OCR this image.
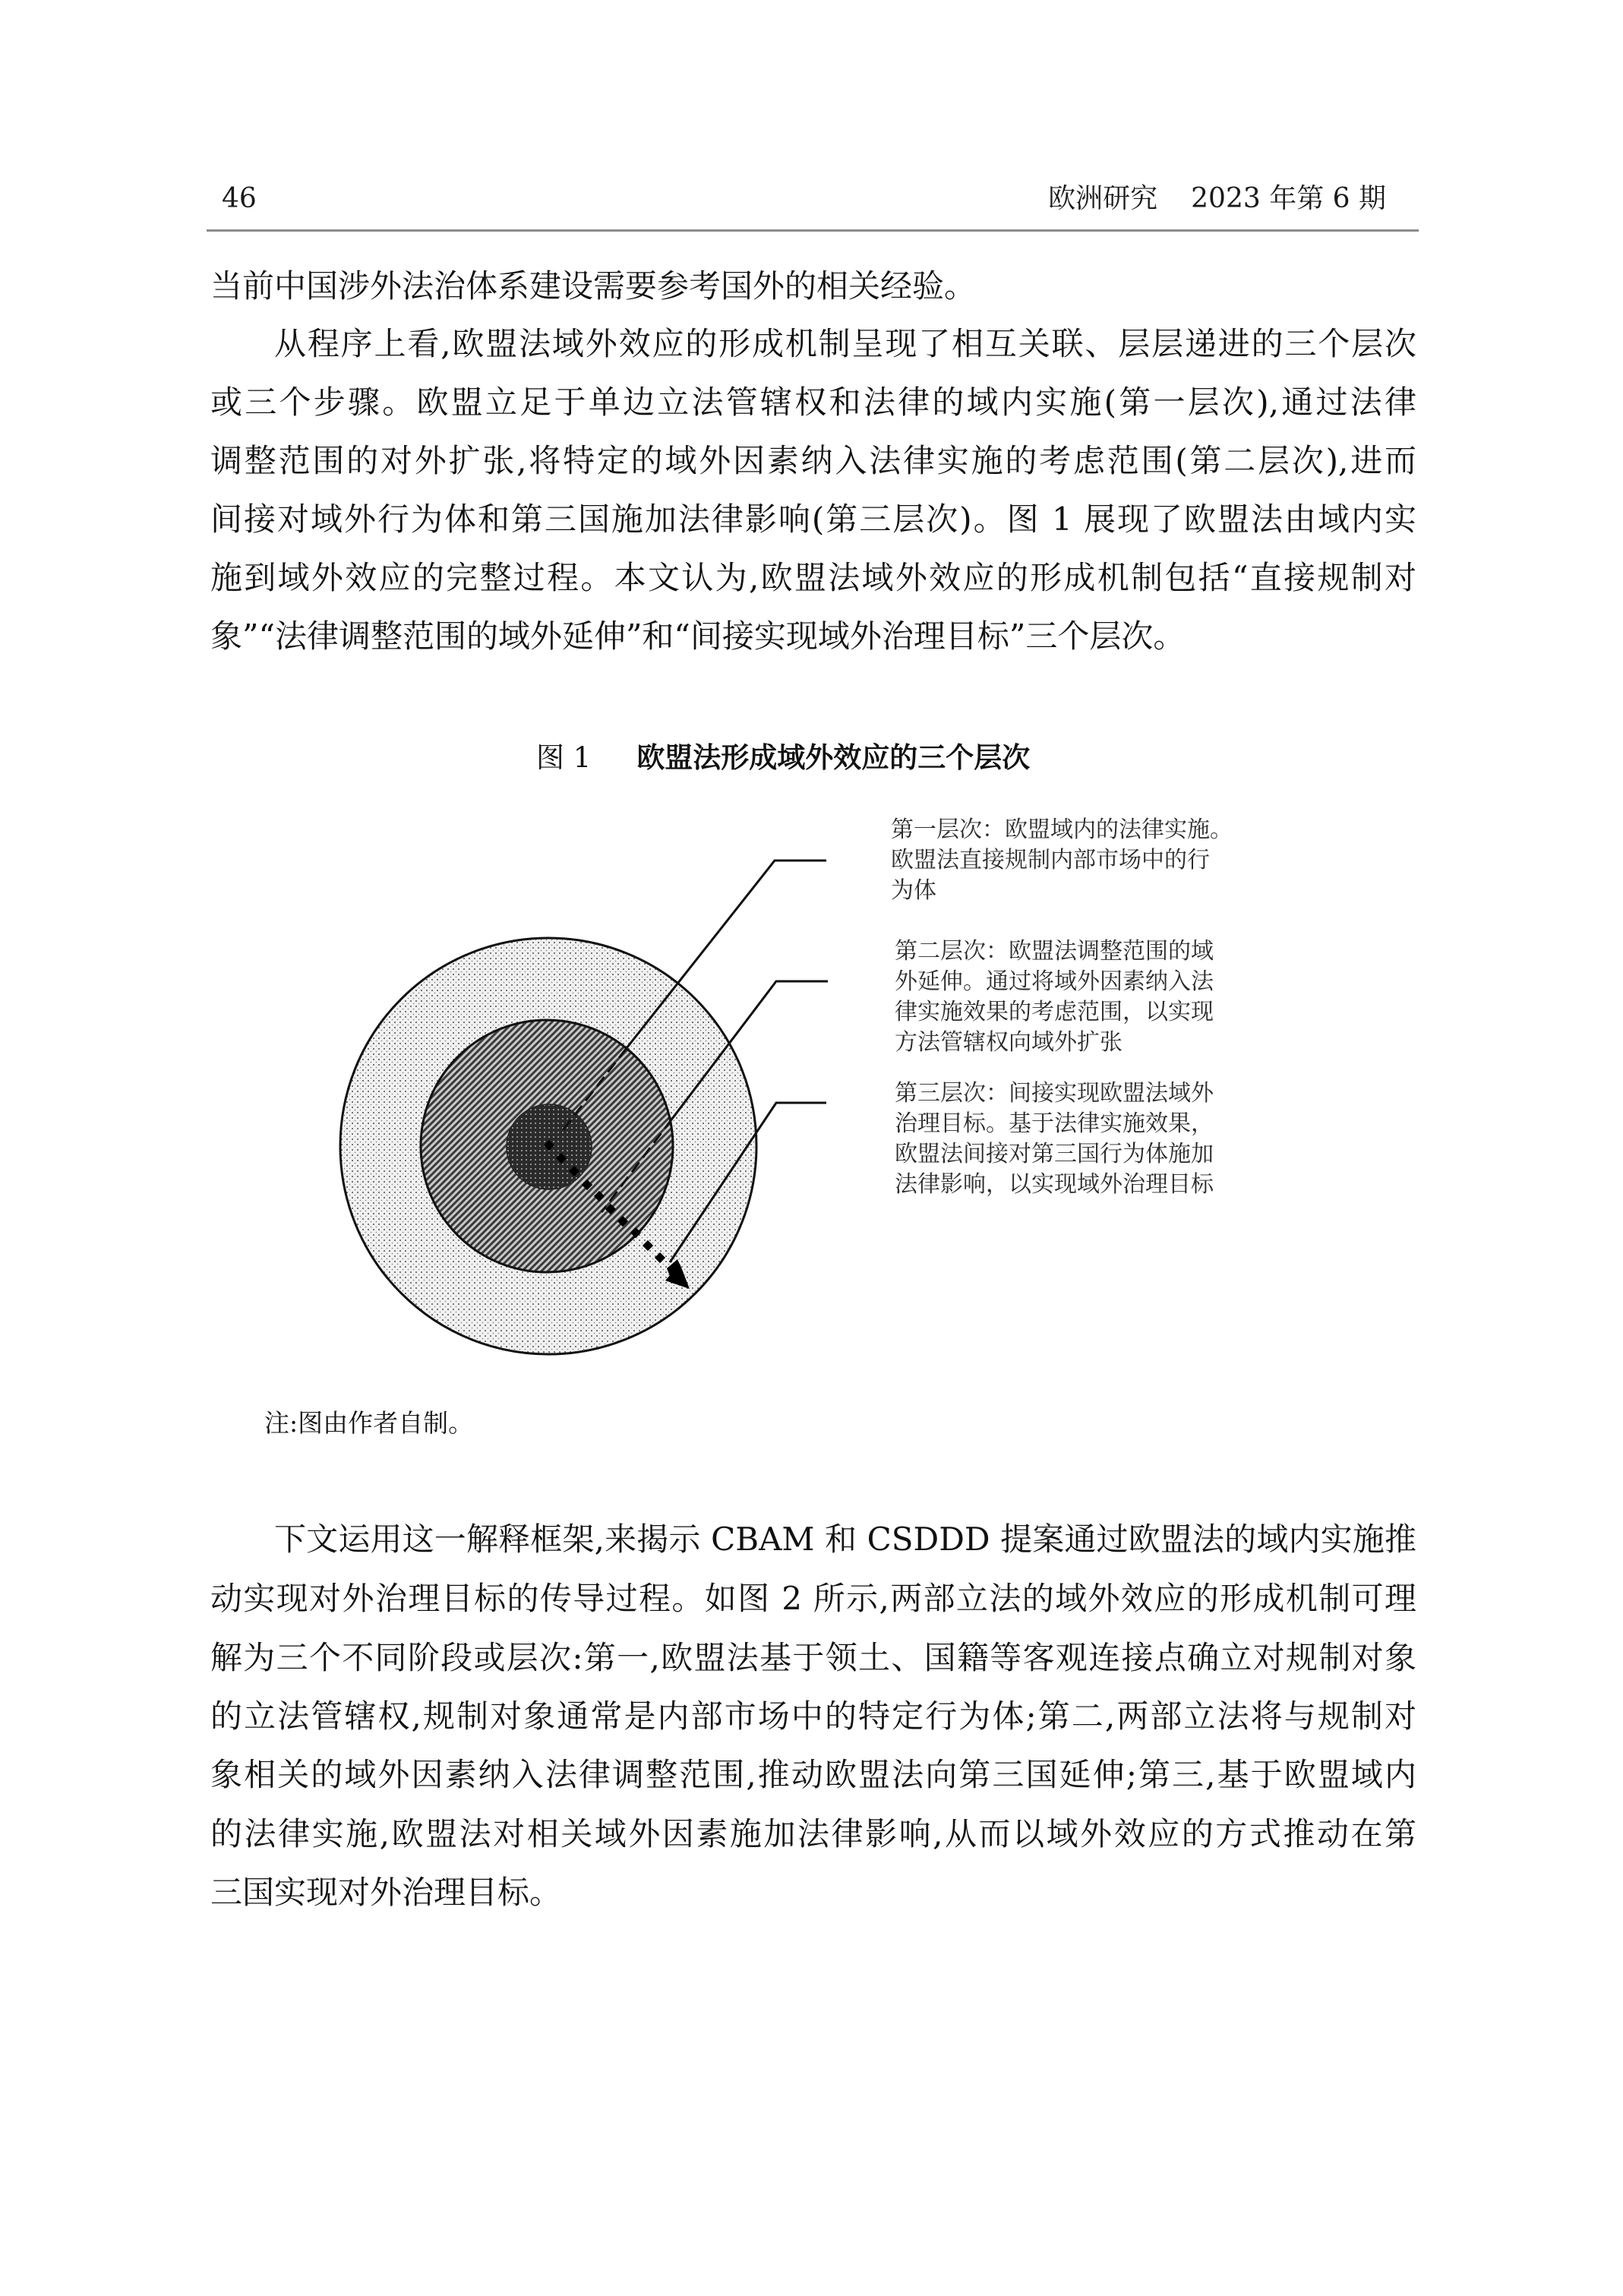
46	欧洲研究 2023 年第 6 期
当前中国涉外法治体系建设需要参考国外的相关经验。
从程序上看,欧盟法域外效应的形成机制呈现了相互关联、层层递进的三个层次
或三个步骤。欧盟立足于单边立法管辖权和法律的域内实施(第一层次),通过法律
调整范围的对外扩张,将特定的域外因素纳入法律实施的考虑范围(第二层次),进而
间接对域外行为体和第三国施加法律影响(第三层次)。图 1 展现了欧盟法由域内实
施到域外效应的完整过程。本文认为,欧盟法域外效应的形成机制包括“直接规制对
象”“法律调整范围的域外延伸”和“间接实现域外治理目标”三个层次。
图 1 欧盟法形成域外效应的三个层次
第一层次：欧盟域内的法律实施。
欧盟法直接规制内部市场中的行
为体
第二层次：欧盟法调整范围的域
外延伸。通过将域外因素纳入法
律实施效果的考虑范围，以实现
方法管辖权向域外扩张
第三层次：间接实现欧盟法域外
治理目标。基于法律实施效果，
欧盟法间接对第三国行为体施加
法律影响，以实现域外治理目标
注:图由作者自制。
下文运用这一解释框架,来揭示 CBAM 和 CSDDD 提案通过欧盟法的域内实施推
动实现对外治理目标的传导过程。如图 2 所示,两部立法的域外效应的形成机制可理
解为三个不同阶段或层次:第一,欧盟法基于领土、国籍等客观连接点确立对规制对象
的立法管辖权,规制对象通常是内部市场中的特定行为体;第二,两部立法将与规制对
象相关的域外因素纳入法律调整范围,推动欧盟法向第三国延伸;第三,基于欧盟域内
的法律实施,欧盟法对相关域外因素施加法律影响,从而以域外效应的方式推动在第
三国实现对外治理目标。
